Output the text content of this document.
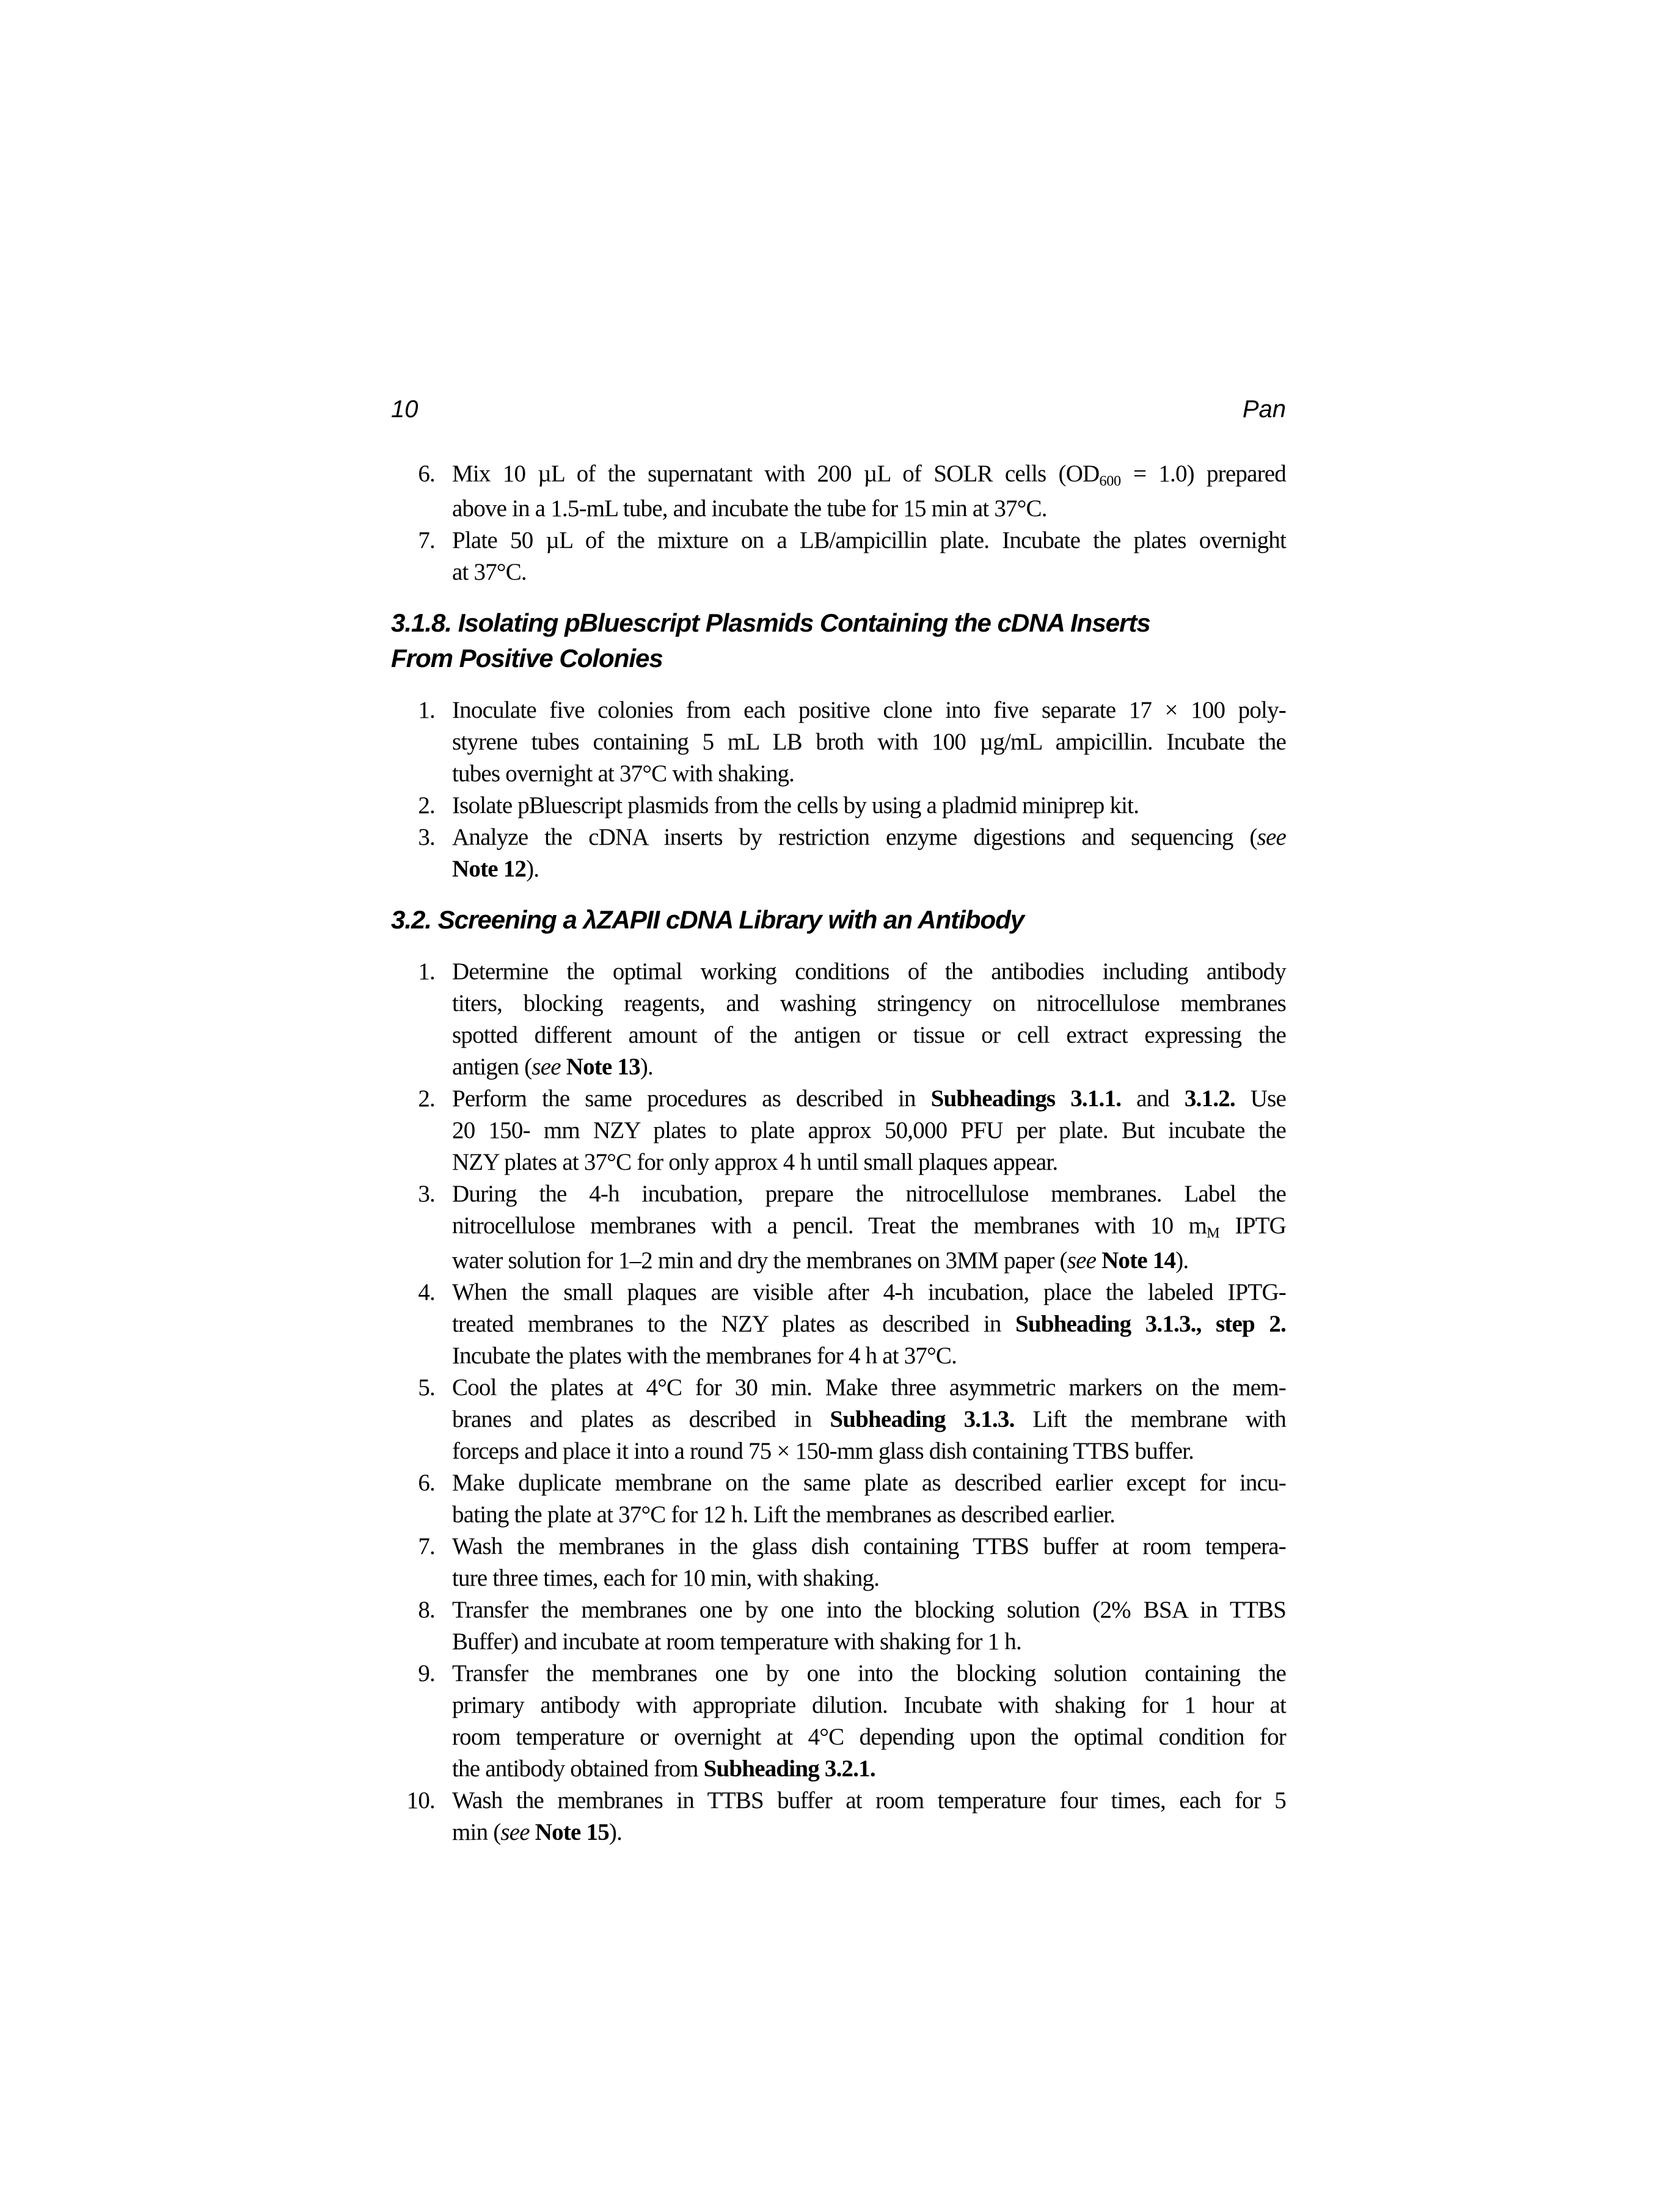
10	Pan
6. Mix 10 µL of the supernatant with 200 µL of SOLR cells (OD600 = 1.0) prepared
above in a 1.5-mL tube, and incubate the tube for 15 min at 37°C.
7. Plate 50 µL of the mixture on a LB/ampicillin plate. Incubate the plates overnight
at 37°C.
3.1.8. Isolating pBluescript Plasmids Containing the cDNA Inserts
From Positive Colonies
1. Inoculate five colonies from each positive clone into five separate 17 × 100 poly-
styrene tubes containing 5 mL LB broth with 100 µg/mL ampicillin. Incubate the
tubes overnight at 37°C with shaking.
2. Isolate pBluescript plasmids from the cells by using a pladmid miniprep kit.
3. Analyze the cDNA inserts by restriction enzyme digestions and sequencing (see
Note 12).
3.2. Screening a λZAPII cDNA Library with an Antibody
1. Determine the optimal working conditions of the antibodies including antibody
titers, blocking reagents, and washing stringency on nitrocellulose membranes
spotted different amount of the antigen or tissue or cell extract expressing the
antigen (see Note 13).
2. Perform the same procedures as described in Subheadings 3.1.1. and 3.1.2. Use
20 150- mm NZY plates to plate approx 50,000 PFU per plate. But incubate the
NZY plates at 37°C for only approx 4 h until small plaques appear.
3. During the 4-h incubation, prepare the nitrocellulose membranes. Label the
nitrocellulose membranes with a pencil. Treat the membranes with 10 mM IPTG
water solution for 1–2 min and dry the membranes on 3MM paper (see Note 14).
4. When the small plaques are visible after 4-h incubation, place the labeled IPTG-
treated membranes to the NZY plates as described in Subheading 3.1.3., step 2.
Incubate the plates with the membranes for 4 h at 37°C.
5. Cool the plates at 4°C for 30 min. Make three asymmetric markers on the mem-
branes and plates as described in Subheading 3.1.3. Lift the membrane with
forceps and place it into a round 75 × 150-mm glass dish containing TTBS buffer.
6. Make duplicate membrane on the same plate as described earlier except for incu-
bating the plate at 37°C for 12 h. Lift the membranes as described earlier.
7. Wash the membranes in the glass dish containing TTBS buffer at room tempera-
ture three times, each for 10 min, with shaking.
8. Transfer the membranes one by one into the blocking solution (2% BSA in TTBS
Buffer) and incubate at room temperature with shaking for 1 h.
9. Transfer the membranes one by one into the blocking solution containing the
primary antibody with appropriate dilution. Incubate with shaking for 1 hour at
room temperature or overnight at 4°C depending upon the optimal condition for
the antibody obtained from Subheading 3.2.1.
10. Wash the membranes in TTBS buffer at room temperature four times, each for 5
min (see Note 15).
